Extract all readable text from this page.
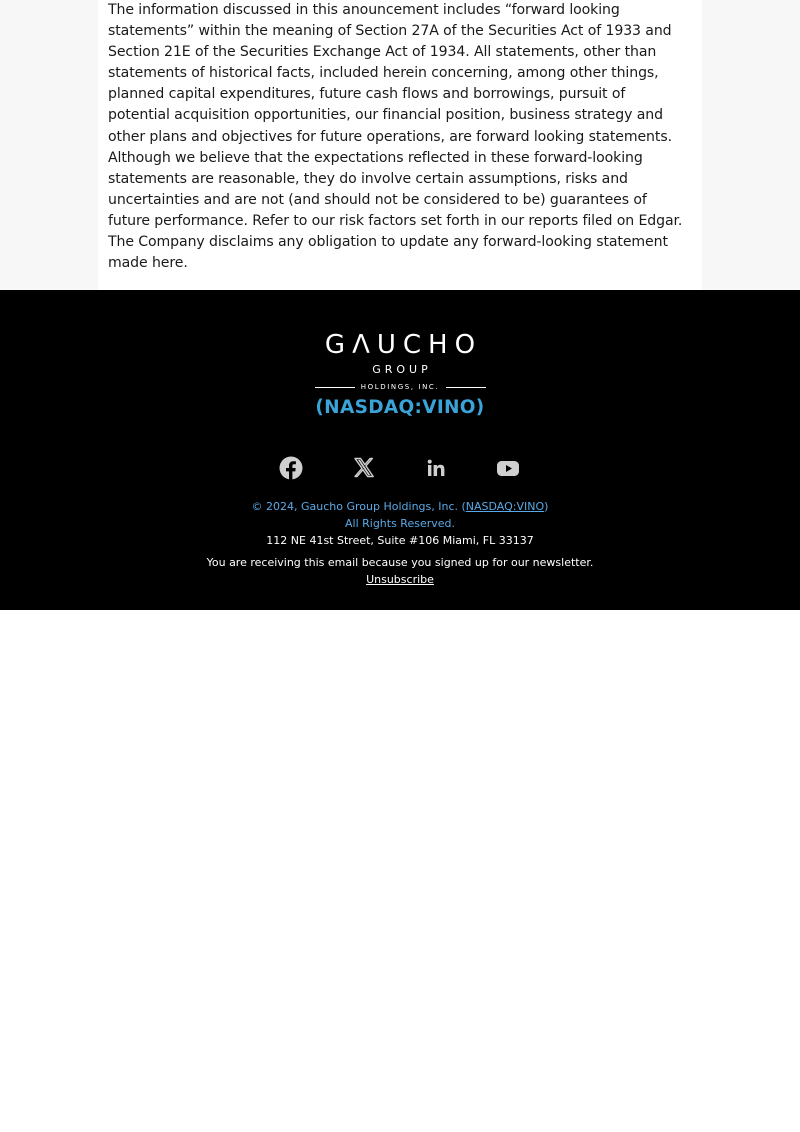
The information discussed in this anouncement includes “forward looking
statements” within the meaning of Section 27A of the Securities Act of 1933 and
Section 21E of the Securities Exchange Act of 1934. All statements, other than
statements of historical facts, included herein concerning, among other things,
planned capital expenditures, future cash flows and borrowings, pursuit of
potential acquisition opportunities, our financial position, business strategy and
other plans and objectives for future operations, are forward looking statements.
Although we believe that the expectations reflected in these forward-looking
statements are reasonable, they do involve certain assumptions, risks and
uncertainties and are not (and should not be considered to be) guarantees of
future performance. Refer to our risk factors set forth in our reports filed on Edgar.
The Company disclaims any obligation to update any forward-looking statement
made here.
GΛUCHO
GROUP
HOLDINGS, INC.
(NASDAQ:VINO)
© 2024, Gaucho Group Holdings, Inc. (NASDAQ:VINO)
All Rights Reserved.
112 NE 41st Street, Suite #106 Miami, FL 33137
You are receiving this email because you signed up for our newsletter.
Unsubscribe
